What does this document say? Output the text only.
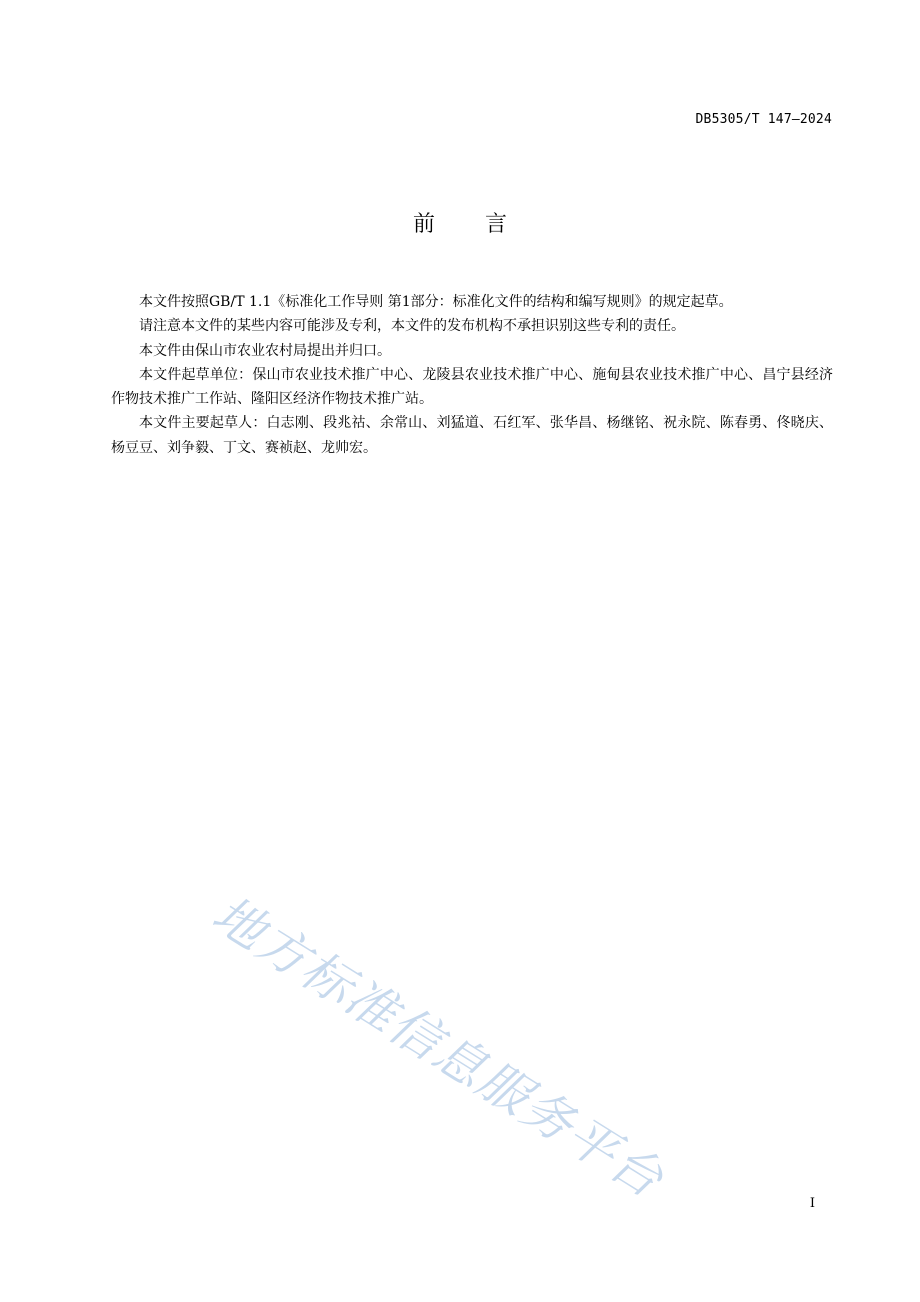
DB5305/T 147—2024
前言

本文件按照GB/T 1.1《标准化工作导则 第1部分：标准化文件的结构和编写规则》的规定起草。

请注意本文件的某些内容可能涉及专利，本文件的发布机构不承担识别这些专利的责任。

本文件由保山市农业农村局提出并归口。

本文件起草单位：保山市农业技术推广中心、龙陵县农业技术推广中心、施甸县农业技术推广中心、昌宁县经济作物技术推广工作站、隆阳区经济作物技术推广站。

本文件主要起草人：白志刚、段兆祜、余常山、刘猛道、石红军、张华昌、杨继铭、祝永院、陈春勇、佟晓庆、杨豆豆、刘争毅、丁文、赛祯赵、龙帅宏。

地方标准信息服务平台	I
